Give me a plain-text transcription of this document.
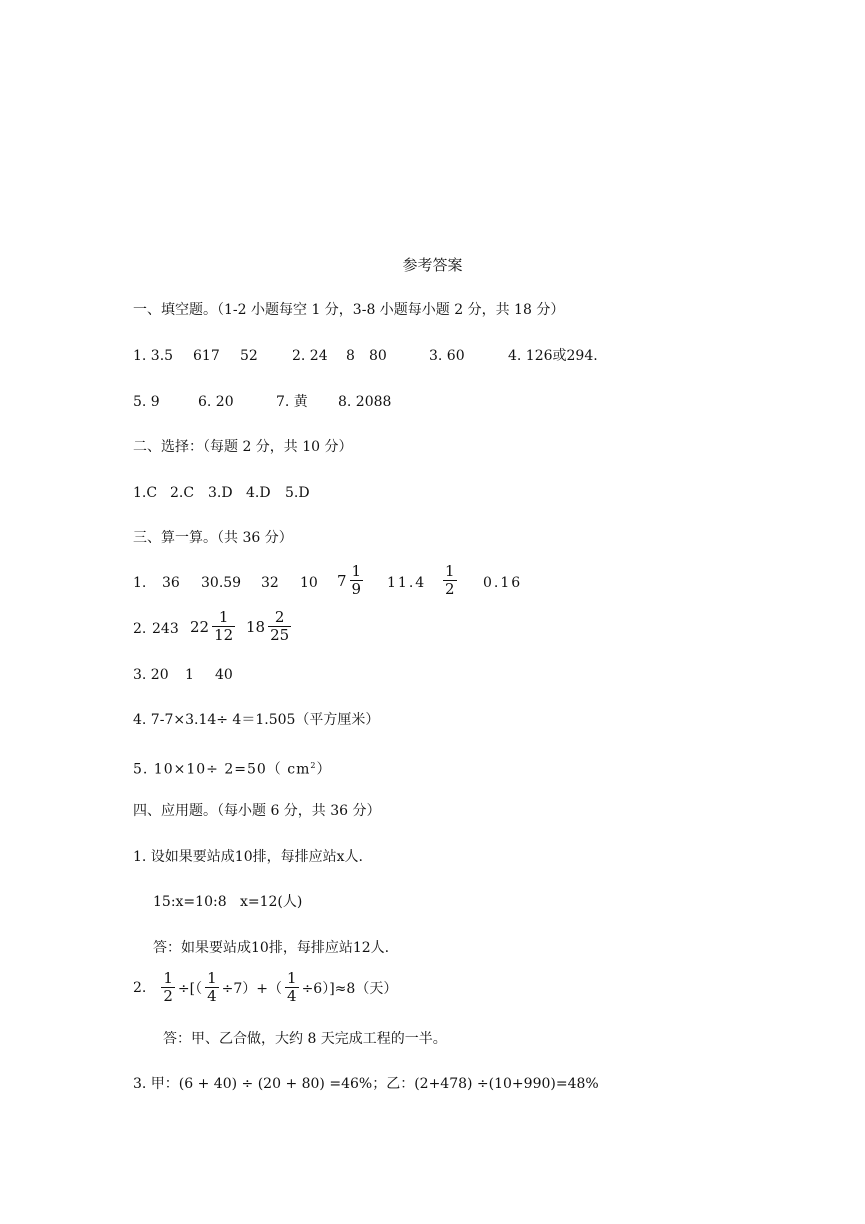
参考答案
一、填空题。（1-2 小题每空 1 分，3-8 小题每小题 2 分，共 18 分）
1. 3.5 617 52 2. 24 8 80	3. 60	4. 126或294.
5. 9	6. 20	7. 黄 8. 2088
二、选择：（每题 2 分，共 10 分）
1.C 2.C 3.D 4.D 5.D
三、算一算。（共 36 分）
1. 36 30.59 32 10 $7 \frac{1}{9} 11.4 \frac{1}{2} 0.16$
2. 243 $22 \frac{1}{12} 18 \frac{2}{25}$
3. 20 1 40
4. 7-7×3.14÷ 4＝1.505（平方厘米）
5. 10×10÷ 2=50（ $cm^2$）
四、应用题。（每小题 6 分，共 36 分）
1. 设如果要站成10排，每排应站x人.
15:x=10:8   x=12(人)
答：如果要站成10排，每排应站12人.
2. $\frac{1}{2}$ ÷[（ $\frac{1}{4} \div 7)+( \frac{1}{4} \div 6)]\approx 8$（天）
答：甲、乙合做，大约 8 天完成工程的一半。
3. 甲：(6 + 40) ÷ (20 + 80) =46%；乙：(2+478) ÷(10+990)=48%
